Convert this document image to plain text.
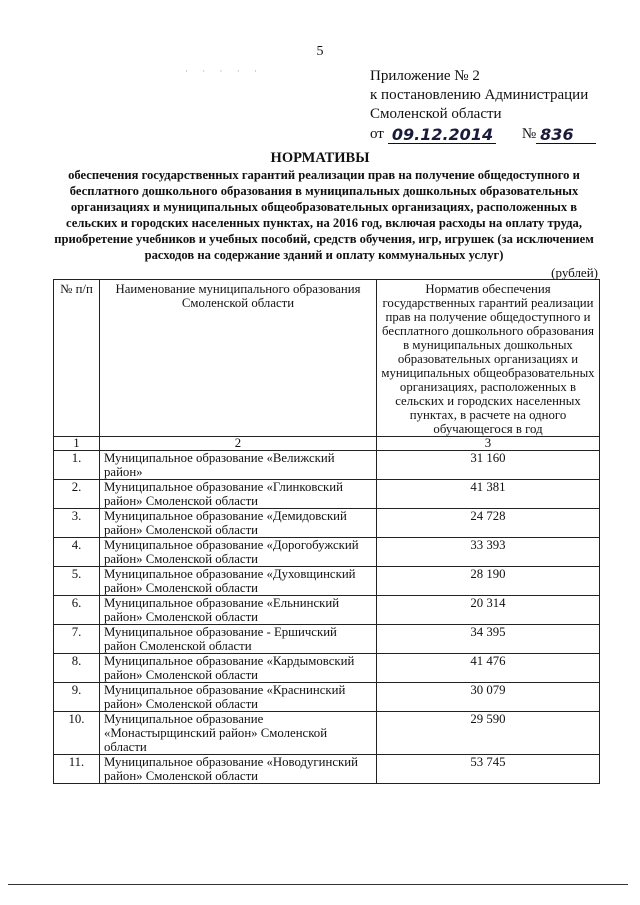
5
· · · · ·	Приложение № 2
к постановлению Администрации
Смоленской области
от 09.12.2014 № 836
НОРМАТИВЫ
обеспечения государственных гарантий реализации прав на получение общедоступного и бесплатного дошкольного образования в муниципальных дошкольных образовательных организациях и муниципальных общеобразовательных организациях, расположенных в сельских и городских населенных пунктах, на 2016 год, включая расходы на оплату труда, приобретение учебников и учебных пособий, средств обучения, игр, игрушек (за исключением расходов на содержание зданий и оплату коммунальных услуг)
(рублей)
№ п/п	Наименование муниципального образования Смоленской области	Норматив обеспечения государственных гарантий реализации прав на получение общедоступного и бесплатного дошкольного образования в муниципальных дошкольных образовательных организациях и муниципальных общеобразовательных организациях, расположенных в сельских и городских населенных пунктах, в расчете на одного обучающегося в год
1	2	3
1.	Муниципальное образование «Велижский район»	31 160
2.	Муниципальное образование «Глинковский район» Смоленской области	41 381
3.	Муниципальное образование «Демидовский район» Смоленской области	24 728
4.	Муниципальное образование «Дорогобужский район» Смоленской области	33 393
5.	Муниципальное образование «Духовщинский район» Смоленской области	28 190
6.	Муниципальное образование «Ельнинский район» Смоленской области	20 314
7.	Муниципальное образование - Ершичский район Смоленской области	34 395
8.	Муниципальное образование «Кардымовский район» Смоленской области	41 476
9.	Муниципальное образование «Краснинский район» Смоленской области	30 079
10.	Муниципальное образование «Монастырщинский район» Смоленской области	29 590
11.	Муниципальное образование «Новодугинский район» Смоленской области	53 745
